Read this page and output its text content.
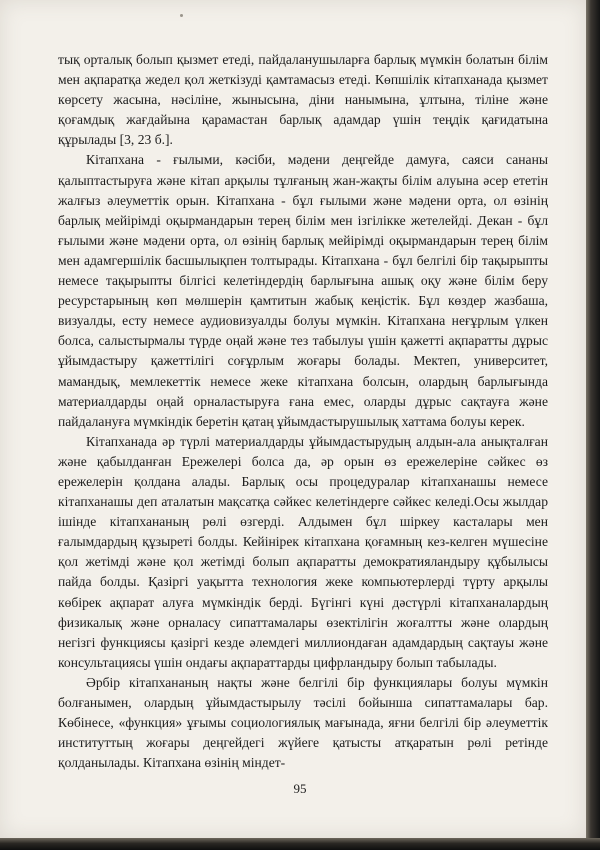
тық орталық болып қызмет етеді, пайдаланушыларға барлық мүмкін болатын білім мен ақпаратқа жедел қол жеткізуді қамтамасыз етеді. Көпшілік кітапханада қызмет көрсету жасына, нәсіліне, жынысына, діни нанымына, ұлтына, тіліне және қоғамдық жағдайына қарамастан барлық адамдар үшін теңдік қағидатына құрылады [3, 23 б.].

Кітапхана - ғылыми, кәсіби, мәдени деңгейде дамуға, саяси сананы қалыптастыруға және кітап арқылы тұлғаның жан-жақты білім алуына әсер ететін жалғыз әлеуметтік орын. Кітапхана - бұл ғылыми және мәдени орта, ол өзінің барлық мейірімді оқырмандарын терең білім мен ізгілікке жетелейді. Декан - бұл ғылыми және мәдени орта, ол өзінің барлық мейірімді оқырмандарын терең білім мен адамгершілік басшылықпен толтырады. Кітапхана - бұл белгілі бір тақырыпты немесе тақырыпты білгісі келетіндердің барлығына ашық оқу және білім беру ресурстарының көп мөлшерін қамтитын жабық кеңістік. Бұл көздер жазбаша, визуалды, есту немесе аудиовизуалды болуы мүмкін. Кітапхана неғұрлым үлкен болса, салыстырмалы түрде оңай және тез табылуы үшін қажетті ақпаратты дұрыс ұйымдастыру қажеттілігі соғұрлым жоғары болады. Мектеп, университет, мамандық, мемлекеттік немесе жеке кітапхана болсын, олардың барлығында материалдарды оңай орналастыруға ғана емес, оларды дұрыс сақтауға және пайдалануға мүмкіндік беретін қатаң ұйымдастырушылық хаттама болуы керек.

Кітапханада әр түрлі материалдарды ұйымдастырудың алдын-ала анықталған және қабылданған Ережелері болса да, әр орын өз ережелеріне сәйкес өз ережелерін қолдана алады. Барлық осы процедуралар кітапханашы немесе кітапханашы деп аталатын мақсатқа сәйкес келетіндерге сәйкес келеді.Осы жылдар ішінде кітапхананың рөлі өзгерді. Алдымен бұл шіркеу касталары мен ғалымдардың құзыреті болды. Кейінірек кітапхана қоғамның кез-келген мүшесіне қол жетімді және қол жетімді болып ақпаратты демократияландыру құбылысы пайда болды. Қазіргі уақытта технология жеке компьютерлерді түрту арқылы көбірек ақпарат алуға мүмкіндік берді. Бүгінгі күні дәстүрлі кітапханалардың физикалық және орналасу сипаттамалары өзектілігін жоғалтты және олардың негізгі функциясы қазіргі кезде әлемдегі миллиондаған адамдардың сақтауы және консультациясы үшін ондағы ақпараттарды цифрландыру болып табылады.

Әрбір кітапхананың нақты және белгілі бір функциялары болуы мүмкін болғанымен, олардың ұйымдастырылу тәсілі бойынша сипаттамалары бар. Көбінесе, «функция» ұғымы социологиялық мағынада, яғни белгілі бір әлеуметтік институттың жоғары деңгейдегі жүйеге қатысты атқаратын рөлі ретінде қолданылады. Кітапхана өзінің міндет-

95
